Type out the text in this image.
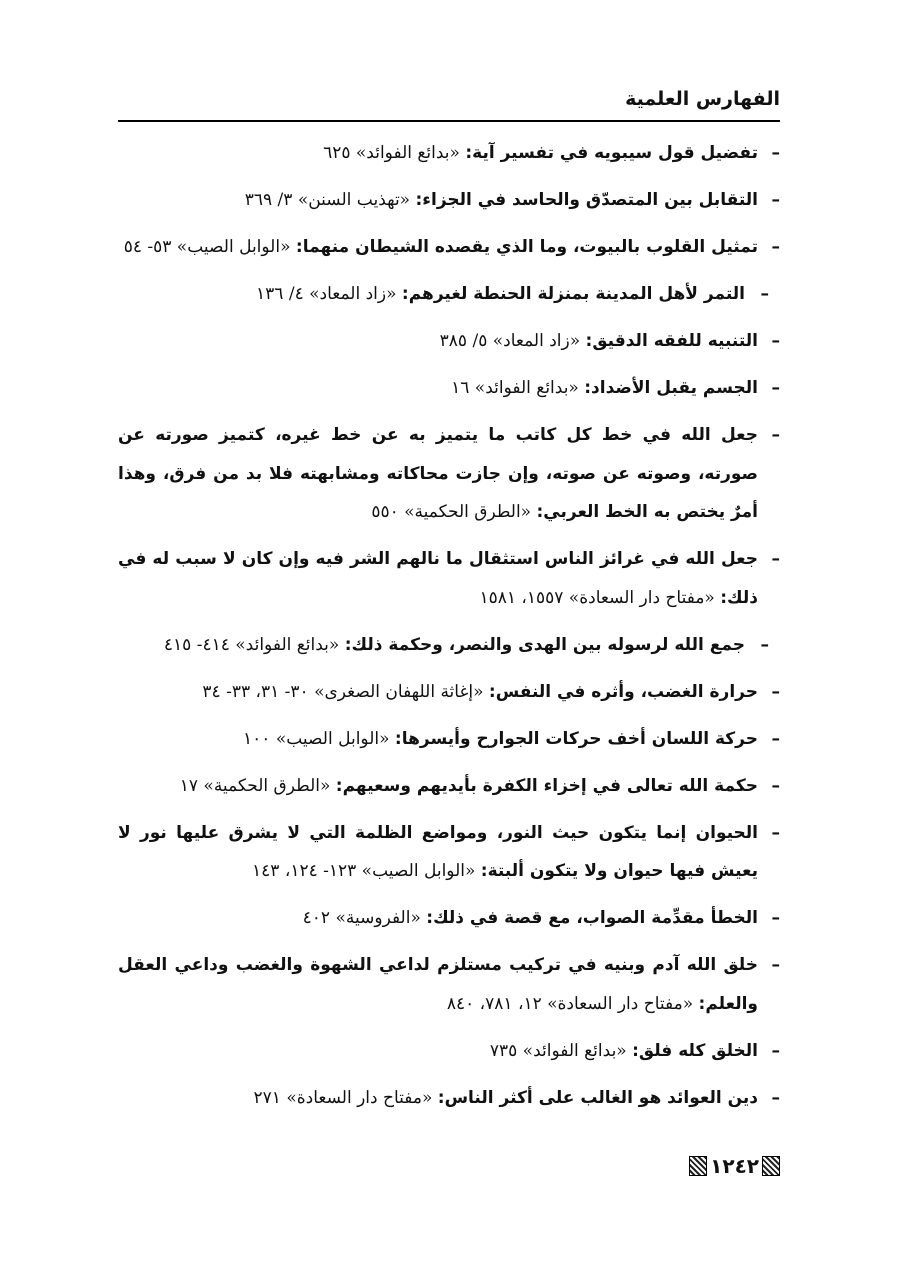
الفهارس العلمية
–
تفضيل قول سيبويه في تفسير آية: «بدائع الفوائد» ٦٢٥
–
التقابل بين المتصدّق والحاسد في الجزاء: «تهذيب السنن» ٣/ ٣٦٩
–
تمثيل القلوب بالبيوت، وما الذي يقصده الشيطان منهما: «الوابل الصيب» ٥٣- ٥٤
–
التمر لأهل المدينة بمنزلة الحنطة لغيرهم: «زاد المعاد» ٤/ ١٣٦
–
التنبيه للفقه الدقيق: «زاد المعاد» ٥/ ٣٨٥
–
الجسم يقبل الأضداد: «بدائع الفوائد» ١٦
–
جعل الله في خط كل كاتب ما يتميز به عن خط غيره، كتميز صورته عن صورته، وصوته عن صوته، وإن جازت محاكاته ومشابهته فلا بد من فرق، وهذا أمرٌ يختص به الخط العربي: «الطرق الحكمية» ٥٥٠
–
جعل الله في غرائز الناس استثقال ما نالهم الشر فيه وإن كان لا سبب له في ذلك: «مفتاح دار السعادة» ١٥٥٧، ١٥٨١
–
جمع الله لرسوله بين الهدى والنصر، وحكمة ذلك: «بدائع الفوائد» ٤١٤- ٤١٥
–
حرارة الغضب، وأثره في النفس: «إغاثة اللهفان الصغرى» ٣٠- ٣١، ٣٣- ٣٤
–
حركة اللسان أخف حركات الجوارح وأيسرها: «الوابل الصيب» ١٠٠
–
حكمة الله تعالى في إخزاء الكفرة بأيديهم وسعيهم: «الطرق الحكمية» ١٧
–
الحيوان إنما يتكون حيث النور، ومواضع الظلمة التي لا يشرق عليها نور لا يعيش فيها حيوان ولا يتكون ألبتة: «الوابل الصيب» ١٢٣- ١٢٤، ١٤٣
–
الخطأ مقدِّمة الصواب، مع قصة في ذلك: «الفروسية» ٤٠٢
–
خلق الله آدم وبنيه في تركيب مستلزم لداعي الشهوة والغضب وداعي العقل والعلم: «مفتاح دار السعادة» ١٢، ٧٨١، ٨٤٠
–
الخلق كله فلق: «بدائع الفوائد» ٧٣٥
–
دين العوائد هو الغالب على أكثر الناس: «مفتاح دار السعادة» ٢٧١
١٢٤٢
